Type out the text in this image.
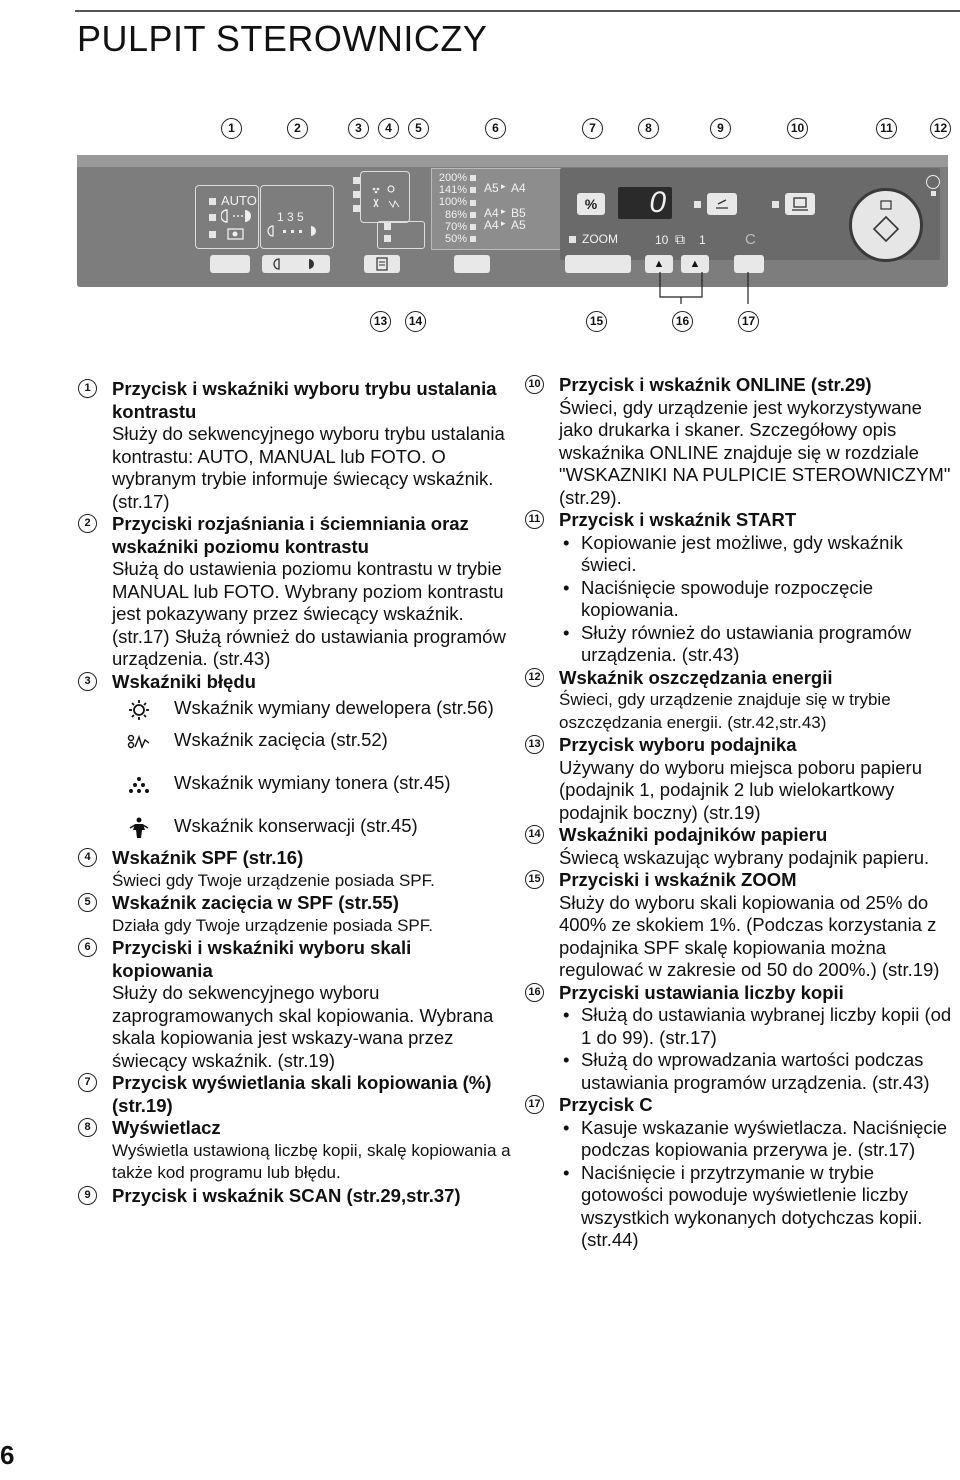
PULPIT STEROWNICZY
1	2	3	4	5	6	7	8	9	10	11	12
AUTO
1 3 5
200%
141%
100%
86%
70%
50%
A5 ▸ A4
A4 ▸ B5
A4 ▸ A5
%
ZOOM
0
10 ⧉ 1	C
▲	▲
13	14	15	16	17
1	Przycisk i wskaźniki wyboru trybu ustalania kontrastu
Służy do sekwencyjnego wyboru trybu ustalania kontrastu: AUTO, MANUAL lub FOTO. O wybranym trybie informuje świecący wskaźnik. (str.17)
2	Przyciski rozjaśniania i ściemniania oraz wskaźniki poziomu kontrastu
Służą do ustawienia poziomu kontrastu w trybie MANUAL lub FOTO. Wybrany poziom kontrastu jest pokazywany przez świecący wskaźnik. (str.17) Służą również do ustawiania programów urządzenia. (str.43)
3	Wskaźniki błędu
Wskaźnik wymiany dewelopera (str.56)
Wskaźnik zacięcia (str.52)
Wskaźnik wymiany tonera (str.45)
Wskaźnik konserwacji (str.45)
4	Wskaźnik SPF (str.16)
Świeci gdy Twoje urządzenie posiada SPF.
5	Wskaźnik zacięcia w SPF (str.55)
Działa gdy Twoje urządzenie posiada SPF.
6	Przyciski i wskaźniki wyboru skali kopiowania
Służy do sekwencyjnego wyboru zaprogramowanych skal kopiowania. Wybrana skala kopiowania jest wskazy-wana przez świecący wskaźnik. (str.19)
7	Przycisk wyświetlania skali kopiowania (%) (str.19)
8	Wyświetlacz
Wyświetla ustawioną liczbę kopii, skalę kopiowania a także kod programu lub błędu.
9	Przycisk i wskaźnik SCAN (str.29,str.37)
10 Przycisk i wskaźnik ONLINE (str.29)
Świeci, gdy urządzenie jest wykorzystywane jako drukarka i skaner. Szczegółowy opis wskaźnika ONLINE znajduje się w rozdziale "WSKAZNIKI NA PULPICIE STEROWNICZYM" (str.29).
11 Przycisk i wskaźnik START
• Kopiowanie jest możliwe, gdy wskaźnik świeci.
• Naciśnięcie spowoduje rozpoczęcie kopiowania.
• Służy również do ustawiania programów urządzenia. (str.43)
12 Wskaźnik oszczędzania energii
Świeci, gdy urządzenie znajduje się w trybie oszczędzania energii. (str.42,str.43)
13 Przycisk wyboru podajnika
Używany do wyboru miejsca poboru papieru (podajnik 1, podajnik 2 lub wielokartkowy podajnik boczny) (str.19)
14 Wskaźniki podajników papieru
Świecą wskazując wybrany podajnik papieru.
15 Przyciski i wskaźnik ZOOM
Służy do wyboru skali kopiowania od 25% do 400% ze skokiem 1%. (Podczas korzystania z podajnika SPF skalę kopiowania można regulować w zakresie od 50 do 200%.) (str.19)
16 Przyciski ustawiania liczby kopii
• Służą do ustawiania wybranej liczby kopii (od 1 do 99). (str.17)
• Służą do wprowadzania wartości podczas ustawiania programów urządzenia. (str.43)
17 Przycisk C
• Kasuje wskazanie wyświetlacza. Naciśnięcie podczas kopiowania przerywa je. (str.17)
• Naciśnięcie i przytrzymanie w trybie gotowości powoduje wyświetlenie liczby wszystkich wykonanych dotychczas kopii. (str.44)
6
